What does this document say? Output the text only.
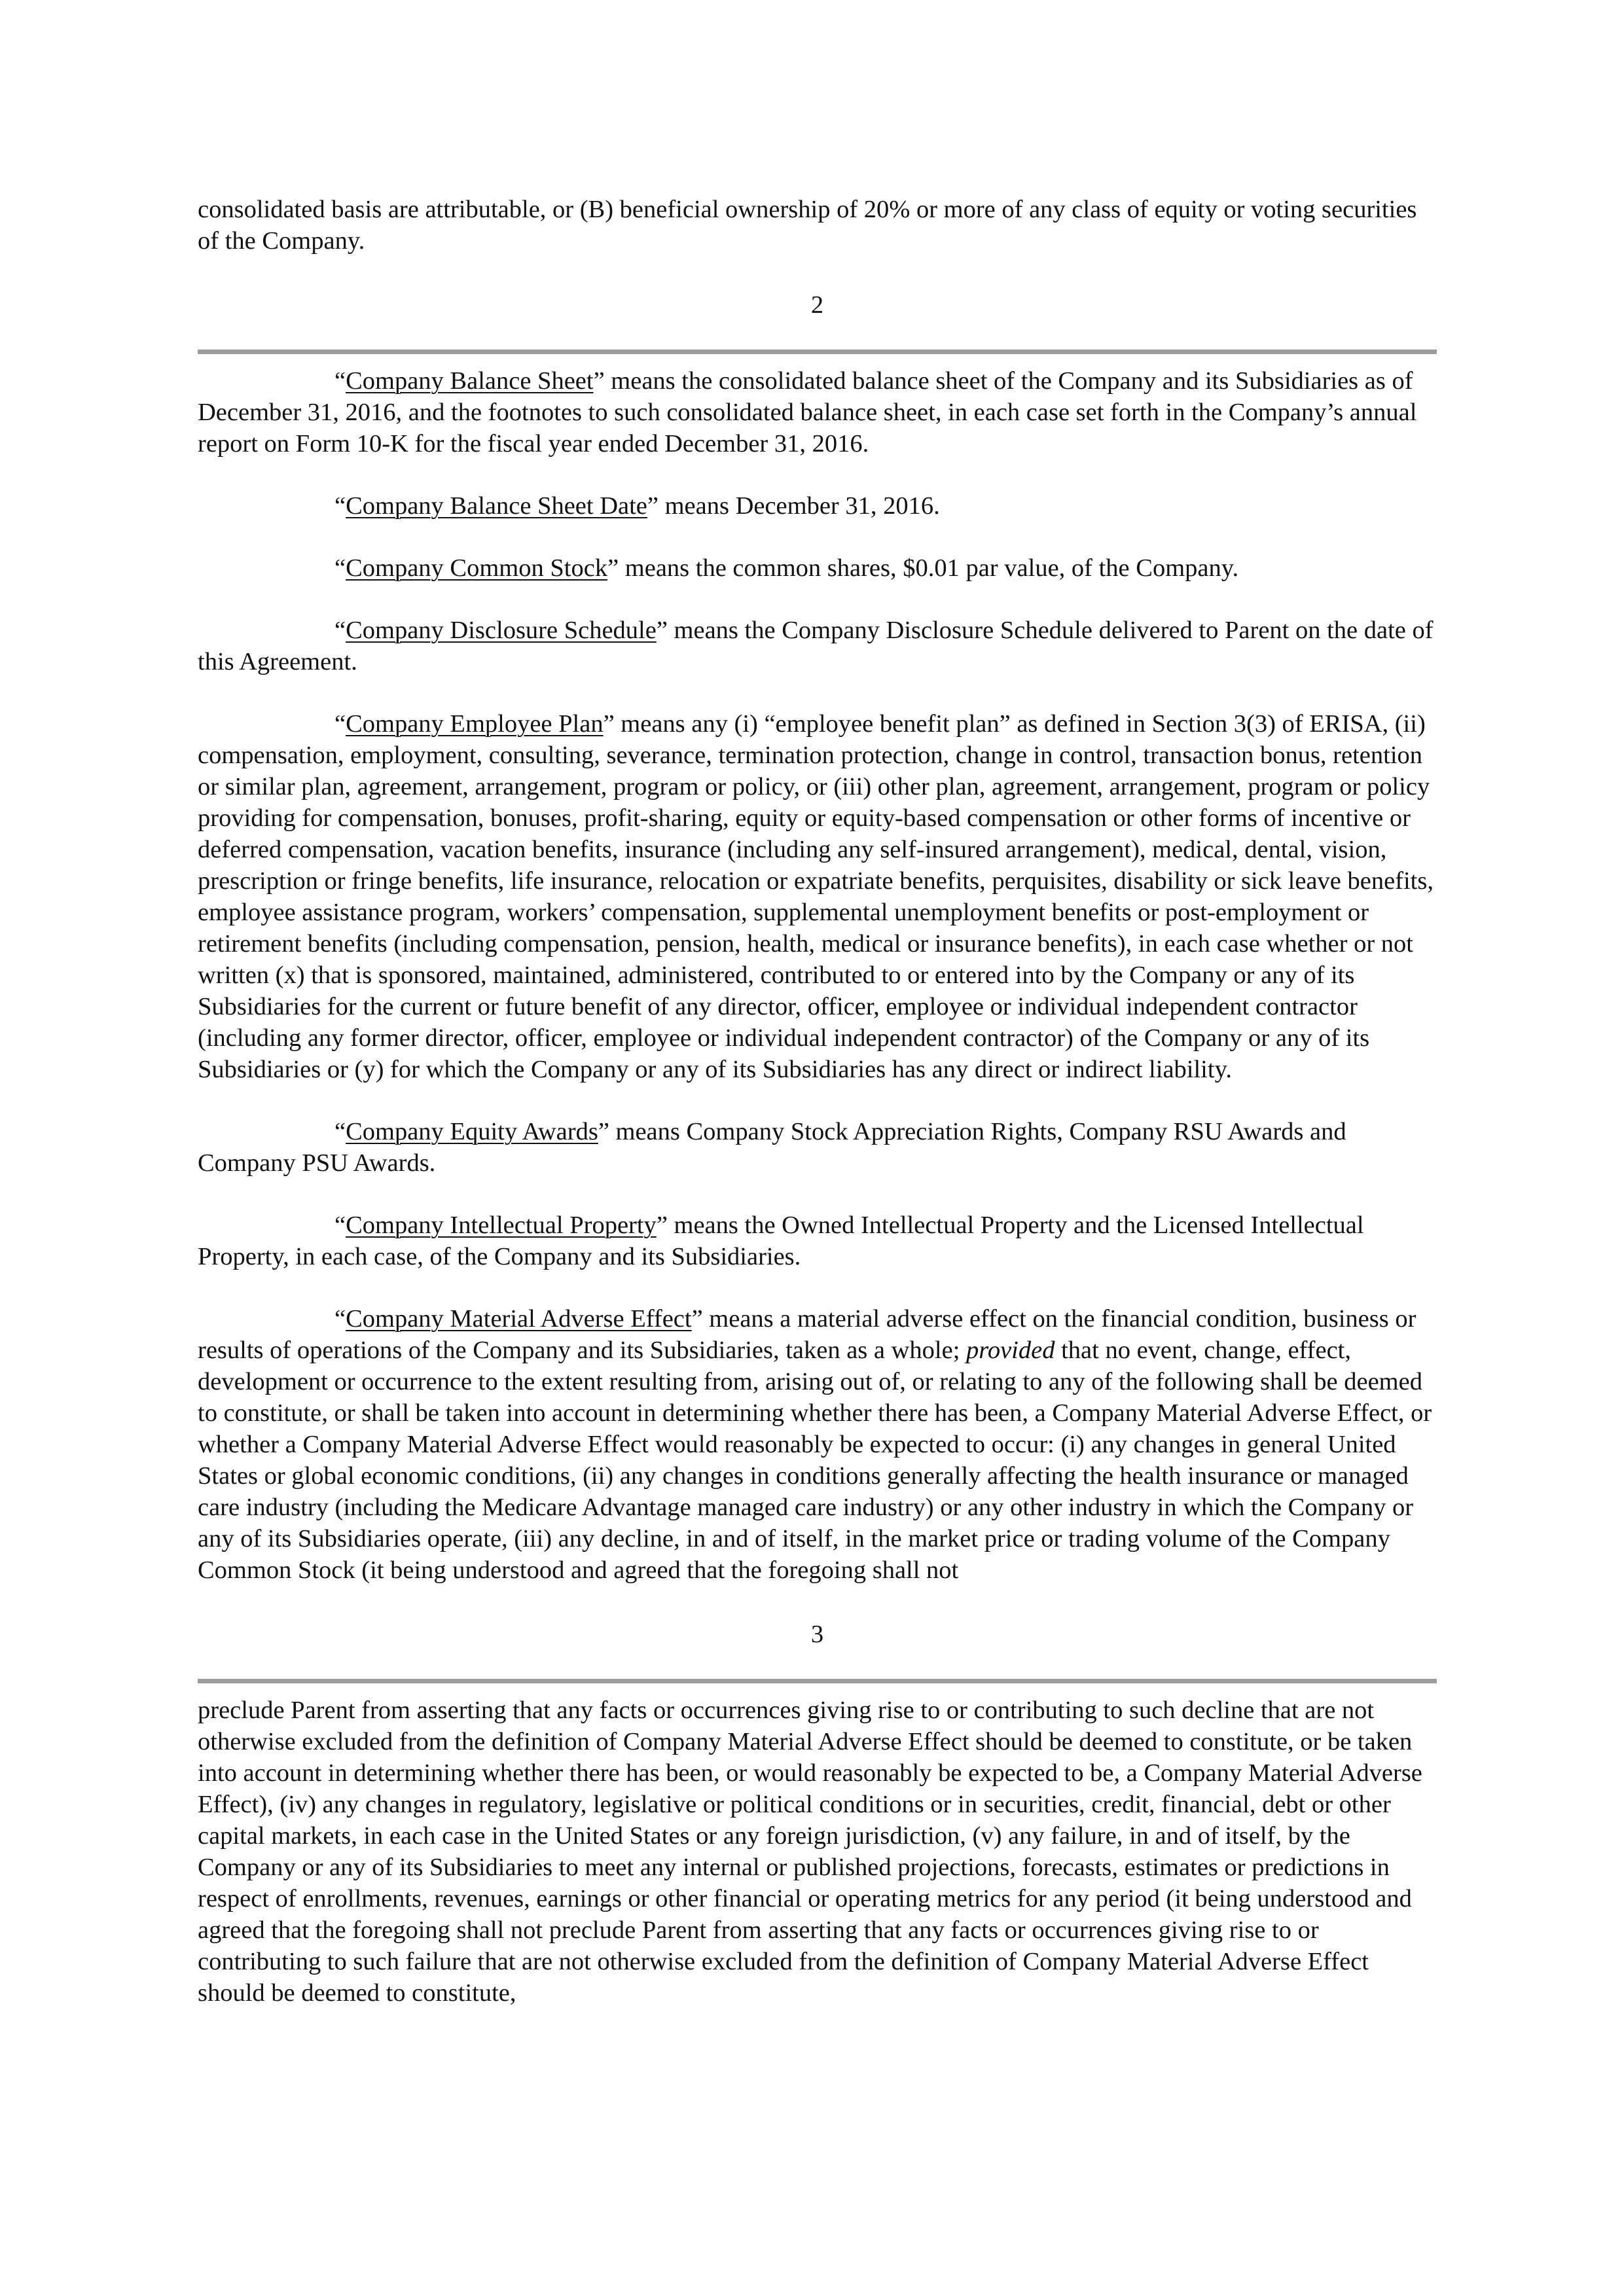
consolidated basis are attributable, or (B) beneficial ownership of 20% or more of any class of equity or voting securities of the Company.

2

“Company Balance Sheet” means the consolidated balance sheet of the Company and its Subsidiaries as of December 31, 2016, and the footnotes to such consolidated balance sheet, in each case set forth in the Company’s annual report on Form 10-K for the fiscal year ended December 31, 2016.

“Company Balance Sheet Date” means December 31, 2016.

“Company Common Stock” means the common shares, $0.01 par value, of the Company.

“Company Disclosure Schedule” means the Company Disclosure Schedule delivered to Parent on the date of this Agreement.

“Company Employee Plan” means any (i) “employee benefit plan” as defined in Section 3(3) of ERISA, (ii) compensation, employment, consulting, severance, termination protection, change in control, transaction bonus, retention or similar plan, agreement, arrangement, program or policy, or (iii) other plan, agreement, arrangement, program or policy providing for compensation, bonuses, profit-sharing, equity or equity-based compensation or other forms of incentive or deferred compensation, vacation benefits, insurance (including any self-insured arrangement), medical, dental, vision, prescription or fringe benefits, life insurance, relocation or expatriate benefits, perquisites, disability or sick leave benefits, employee assistance program, workers’ compensation, supplemental unemployment benefits or post-employment or retirement benefits (including compensation, pension, health, medical or insurance benefits), in each case whether or not written (x) that is sponsored, maintained, administered, contributed to or entered into by the Company or any of its Subsidiaries for the current or future benefit of any director, officer, employee or individual independent contractor (including any former director, officer, employee or individual independent contractor) of the Company or any of its Subsidiaries or (y) for which the Company or any of its Subsidiaries has any direct or indirect liability.

“Company Equity Awards” means Company Stock Appreciation Rights, Company RSU Awards and Company PSU Awards.

“Company Intellectual Property” means the Owned Intellectual Property and the Licensed Intellectual Property, in each case, of the Company and its Subsidiaries.

“Company Material Adverse Effect” means a material adverse effect on the financial condition, business or results of operations of the Company and its Subsidiaries, taken as a whole; provided that no event, change, effect, development or occurrence to the extent resulting from, arising out of, or relating to any of the following shall be deemed to constitute, or shall be taken into account in determining whether there has been, a Company Material Adverse Effect, or whether a Company Material Adverse Effect would reasonably be expected to occur: (i) any changes in general United States or global economic conditions, (ii) any changes in conditions generally affecting the health insurance or managed care industry (including the Medicare Advantage managed care industry) or any other industry in which the Company or any of its Subsidiaries operate, (iii) any decline, in and of itself, in the market price or trading volume of the Company Common Stock (it being understood and agreed that the foregoing shall not

3

preclude Parent from asserting that any facts or occurrences giving rise to or contributing to such decline that are not otherwise excluded from the definition of Company Material Adverse Effect should be deemed to constitute, or be taken into account in determining whether there has been, or would reasonably be expected to be, a Company Material Adverse Effect), (iv) any changes in regulatory, legislative or political conditions or in securities, credit, financial, debt or other capital markets, in each case in the United States or any foreign jurisdiction, (v) any failure, in and of itself, by the Company or any of its Subsidiaries to meet any internal or published projections, forecasts, estimates or predictions in respect of enrollments, revenues, earnings or other financial or operating metrics for any period (it being understood and agreed that the foregoing shall not preclude Parent from asserting that any facts or occurrences giving rise to or contributing to such failure that are not otherwise excluded from the definition of Company Material Adverse Effect should be deemed to constitute,
